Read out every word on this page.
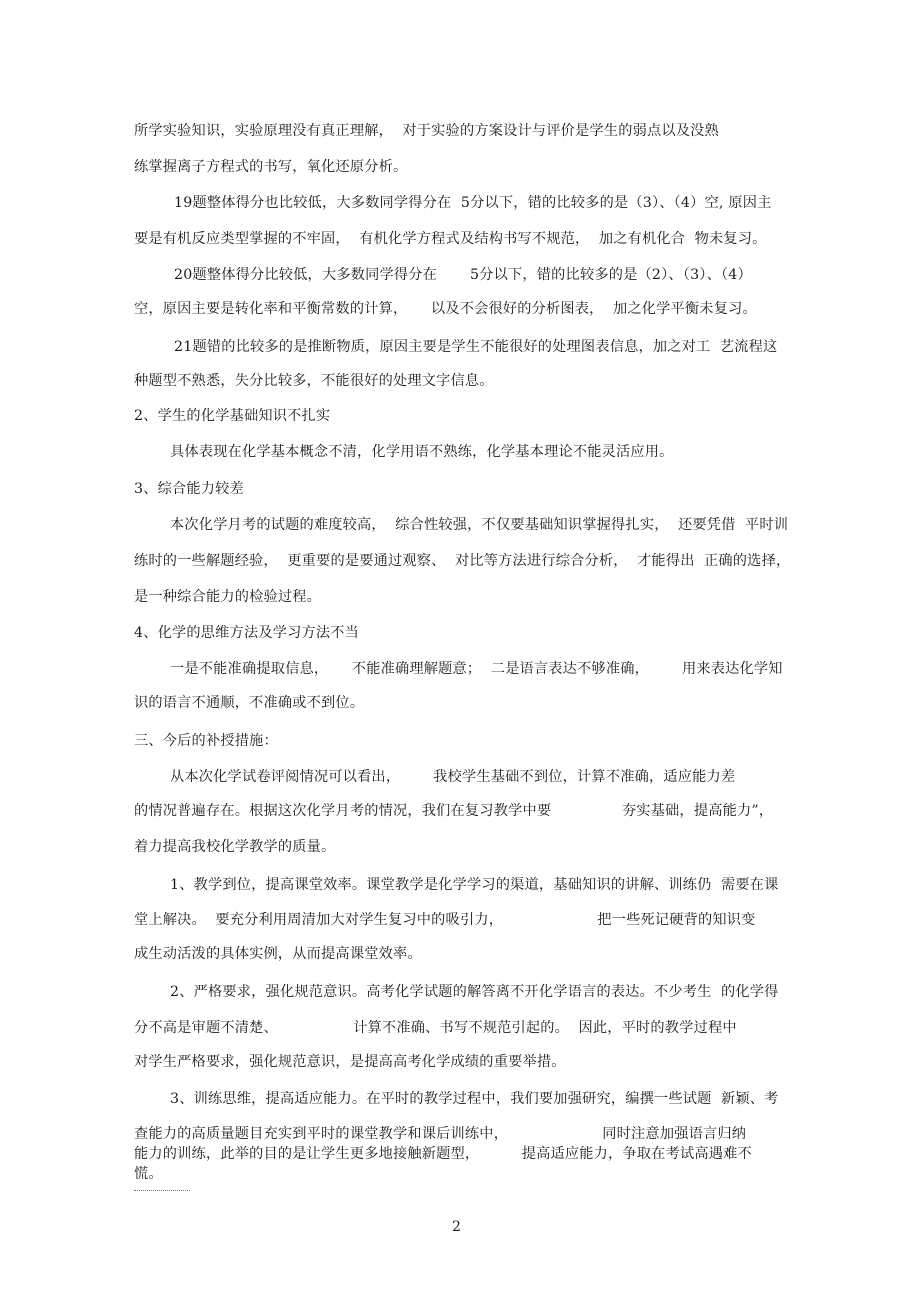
所学实验知识，实验原理没有真正理解，  对于实验的方案设计与评价是学生的弱点以及没熟
练掌握离子方程式的书写，氧化还原分析。
19题整体得分也比较低，大多数同学得分在  5分以下，错的比较多的是（3）、（4）空, 原因主
要是有机反应类型掌握的不牢固，  有机化学方程式及结构书写不规范，  加之有机化合  物未复习。
20题整体得分比较低，大多数同学得分在       5分以下，错的比较多的是（2）、（3）、（4）
空，原因主要是转化率和平衡常数的计算，     以及不会很好的分析图表，  加之化学平衡未复习。
21题错的比较多的是推断物质，原因主要是学生不能很好的处理图表信息，加之对工  艺流程这
种题型不熟悉，失分比较多，不能很好的处理文字信息。
2、学生的化学基础知识不扎实
具体表现在化学基本概念不清，化学用语不熟练，化学基本理论不能灵活应用。
3、综合能力较差
本次化学月考的试题的难度较高，  综合性较强，不仅要基础知识掌握得扎实，  还要凭借  平时训
练时的一些解题经验，  更重要的是要通过观察、  对比等方法进行综合分析，  才能得出  正确的选择，
是一种综合能力的检验过程。
4、化学的思维方法及学习方法不当
一是不能准确提取信息，     不能准确理解题意；  二是语言表达不够准确，       用来表达化学知
识的语言不通顺，不准确或不到位。
三、今后的补授措施：
从本次化学试卷评阅情况可以看出，       我校学生基础不到位，计算不准确，适应能力差
的情况普遍存在。根据这次化学月考的情况，我们在复习教学中要               夯实基础，提高能力”，
着力提高我校化学教学的质量。
1、教学到位，提高课堂效率。课堂教学是化学学习的渠道，基础知识的讲解、训练仍  需要在课
堂上解决。  要充分利用周清加大对学生复习中的吸引力，                    把一些死记硬背的知识变
成生动活泼的具体实例，从而提高课堂效率。
2、严格要求，强化规范意识。高考化学试题的解答离不开化学语言的表达。不少考生  的化学得
分不高是审题不清楚、                计算不准确、书写不规范引起的。  因此，平时的教学过程中
对学生严格要求，强化规范意识，是提高高考化学成绩的重要举措。
3、训练思维，提高适应能力。在平时的教学过程中，我们要加强研究，编撰一些试题  新颖、考
查能力的高质量题目充实到平时的课堂教学和课后训练中，                    同时注意加强语言归纳
能力的训练，此举的目的是让学生更多地接触新题型，         提高适应能力，争取在考试高遇难不
慌。
2
